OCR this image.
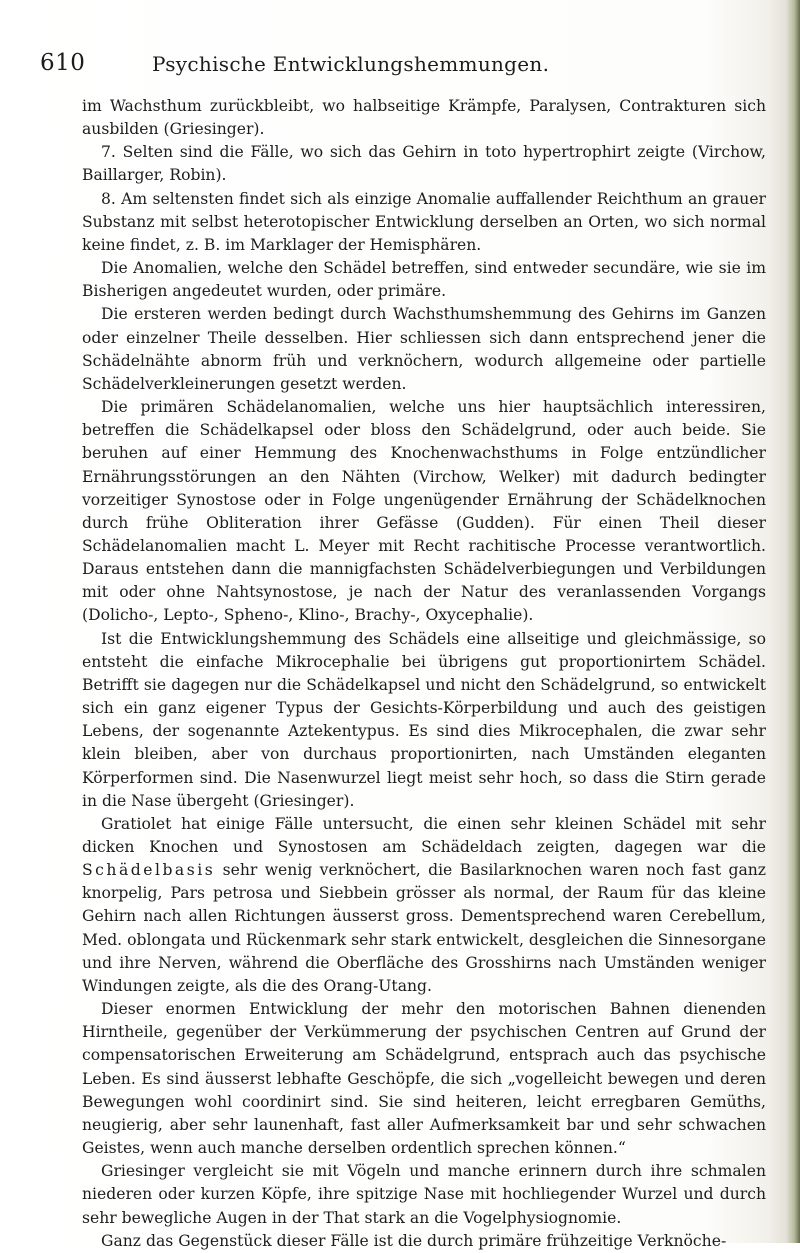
610	Psychische Entwicklungshemmungen.

im Wachsthum zurückbleibt, wo halbseitige Krämpfe, Paralysen, Contrakturen sich ausbilden (Griesinger).

7. Selten sind die Fälle, wo sich das Gehirn in toto hypertrophirt zeigte (Virchow, Baillarger, Robin).

8. Am seltensten findet sich als einzige Anomalie auffallender Reichthum an grauer Substanz mit selbst heterotopischer Entwicklung derselben an Orten, wo sich normal keine findet, z. B. im Marklager der Hemisphären.

Die Anomalien, welche den Schädel betreffen, sind entweder secundäre, wie sie im Bisherigen angedeutet wurden, oder primäre.

Die ersteren werden bedingt durch Wachsthumshemmung des Gehirns im Ganzen oder einzelner Theile desselben. Hier schliessen sich dann entsprechend jener die Schädelnähte abnorm früh und verknöchern, wodurch allgemeine oder partielle Schädelverkleinerungen gesetzt werden.

Die primären Schädelanomalien, welche uns hier hauptsächlich interessiren, betreffen die Schädelkapsel oder bloss den Schädelgrund, oder auch beide. Sie beruhen auf einer Hemmung des Knochenwachsthums in Folge entzündlicher Ernährungsstörungen an den Nähten (Virchow, Welker) mit dadurch bedingter vorzeitiger Synostose oder in Folge ungenügender Ernährung der Schädelknochen durch frühe Obliteration ihrer Gefässe (Gudden). Für einen Theil dieser Schädelanomalien macht L. Meyer mit Recht rachitische Processe verantwortlich. Daraus entstehen dann die mannigfachsten Schädelverbiegungen und Verbildungen mit oder ohne Nahtsynostose, je nach der Natur des veranlassenden Vorgangs (Dolicho-, Lepto-, Spheno-, Klino-, Brachy-, Oxycephalie).

Ist die Entwicklungshemmung des Schädels eine allseitige und gleichmässige, so entsteht die einfache Mikrocephalie bei übrigens gut proportionirtem Schädel. Betrifft sie dagegen nur die Schädelkapsel und nicht den Schädelgrund, so entwickelt sich ein ganz eigener Typus der Gesichts-Körperbildung und auch des geistigen Lebens, der sogenannte Aztekentypus. Es sind dies Mikrocephalen, die zwar sehr klein bleiben, aber von durchaus proportionirten, nach Umständen eleganten Körperformen sind. Die Nasenwurzel liegt meist sehr hoch, so dass die Stirn gerade in die Nase übergeht (Griesinger).

Gratiolet hat einige Fälle untersucht, die einen sehr kleinen Schädel mit sehr dicken Knochen und Synostosen am Schädeldach zeigten, dagegen war die Schädelbasis sehr wenig verknöchert, die Basilarknochen waren noch fast ganz knorpelig, Pars petrosa und Siebbein grösser als normal, der Raum für das kleine Gehirn nach allen Richtungen äusserst gross. Dementsprechend waren Cerebellum, Med. oblongata und Rückenmark sehr stark entwickelt, desgleichen die Sinnesorgane und ihre Nerven, während die Oberfläche des Grosshirns nach Umständen weniger Windungen zeigte, als die des Orang-Utang.

Dieser enormen Entwicklung der mehr den motorischen Bahnen dienenden Hirntheile, gegenüber der Verkümmerung der psychischen Centren auf Grund der compensatorischen Erweiterung am Schädelgrund, entsprach auch das psychische Leben. Es sind äusserst lebhafte Geschöpfe, die sich „vogelleicht bewegen und deren Bewegungen wohl coordinirt sind. Sie sind heiteren, leicht erregbaren Gemüths, neugierig, aber sehr launenhaft, fast aller Aufmerksamkeit bar und sehr schwachen Geistes, wenn auch manche derselben ordentlich sprechen können.“

Griesinger vergleicht sie mit Vögeln und manche erinnern durch ihre schmalen niederen oder kurzen Köpfe, ihre spitzige Nase mit hochliegender Wurzel und durch sehr bewegliche Augen in der That stark an die Vogelphysiognomie.

Ganz das Gegenstück dieser Fälle ist die durch primäre frühzeitige Verknöche-
